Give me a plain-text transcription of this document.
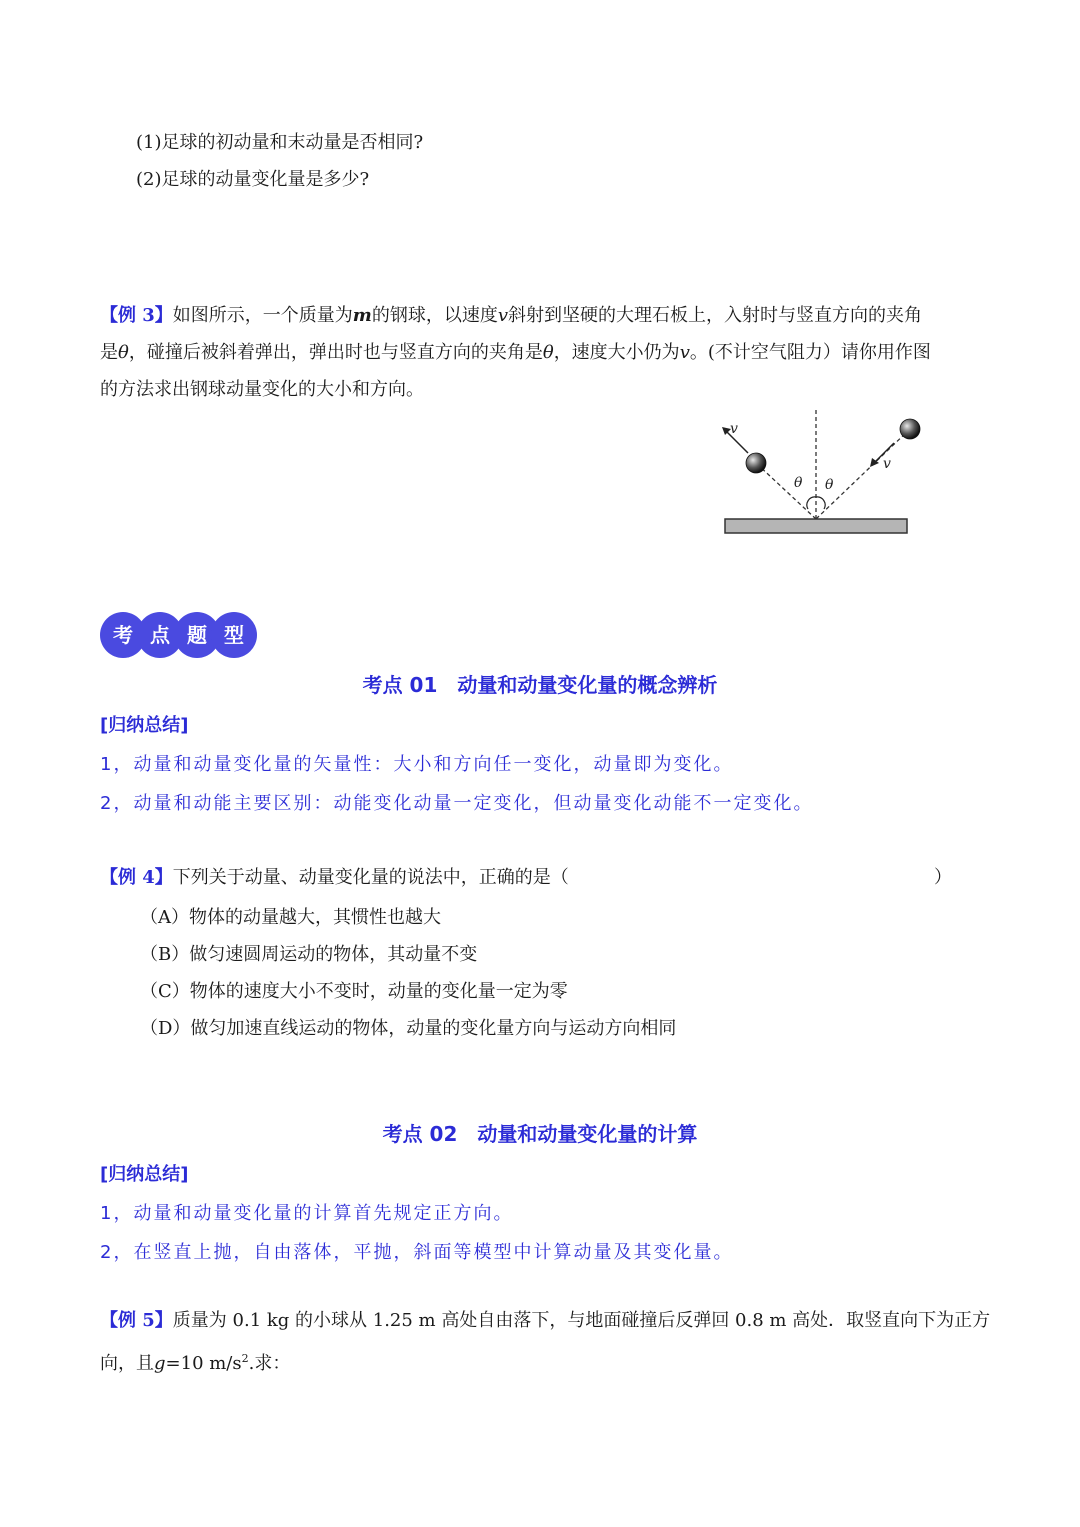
(1)足球的初动量和末动量是否相同?
(2)足球的动量变化量是多少?
【例 3】如图所示，一个质量为m的钢球，以速度v斜射到坚硬的大理石板上，入射时与竖直方向的夹角
是θ，碰撞后被斜着弹出，弹出时也与竖直方向的夹角是θ，速度大小仍为v。(不计空气阻力）请你用作图
的方法求出钢球动量变化的大小和方向。
v
v
θ θ
考 点 题 型
考点 01　动量和动量变化量的概念辨析
[归纳总结]
1，动量和动量变化量的矢量性：大小和方向任一变化，动量即为变化。
2，动量和动能主要区别：动能变化动量一定变化，但动量变化动能不一定变化。
【例 4】下列关于动量、动量变化量的说法中，正确的是（	）
（A）物体的动量越大，其惯性也越大
（B）做匀速圆周运动的物体，其动量不变
（C）物体的速度大小不变时，动量的变化量一定为零
（D）做匀加速直线运动的物体，动量的变化量方向与运动方向相同
考点 02　动量和动量变化量的计算
[归纳总结]
1，动量和动量变化量的计算首先规定正方向。
2，在竖直上抛，自由落体，平抛，斜面等模型中计算动量及其变化量。
【例 5】质量为 0.1 kg 的小球从 1.25 m 高处自由落下，与地面碰撞后反弹回 0.8 m 高处．取竖直向下为正方
向，且g=10 $m/s^2$.求：
